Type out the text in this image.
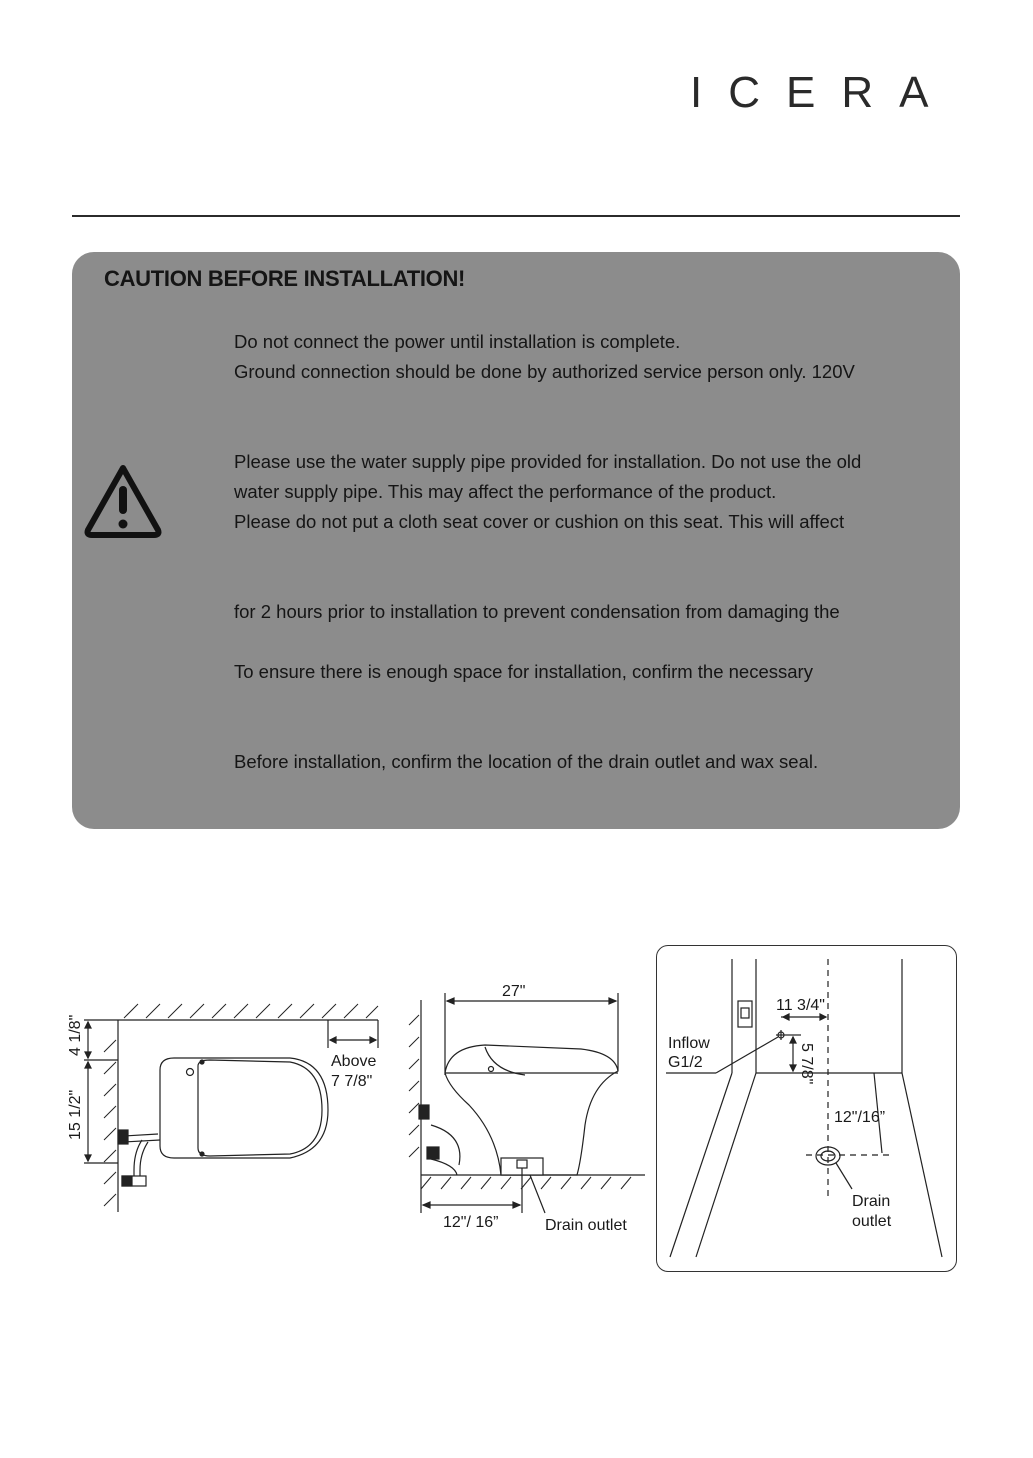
ICERA
CAUTION BEFORE INSTALLATION!
Do not connect the power until installation is complete.
Ground connection should be done by authorized service person only. 120V
Please use the water supply pipe provided for installation. Do not use the old
water supply pipe. This may affect the performance of the product.
Please do not put a cloth seat cover or cushion on this seat. This will affect
for 2 hours prior to installation to prevent condensation from damaging the
To ensure there is enough space for installation, confirm the necessary
Before installation, confirm the location of the drain outlet and wax seal.
Above
7 7/8"
4 1/8"
15 1/2"
27"
12"/ 16”	Drain outlet
11 3/4"
5 7/8"
Inflow
G1/2
12"/16”
Drain
outlet
